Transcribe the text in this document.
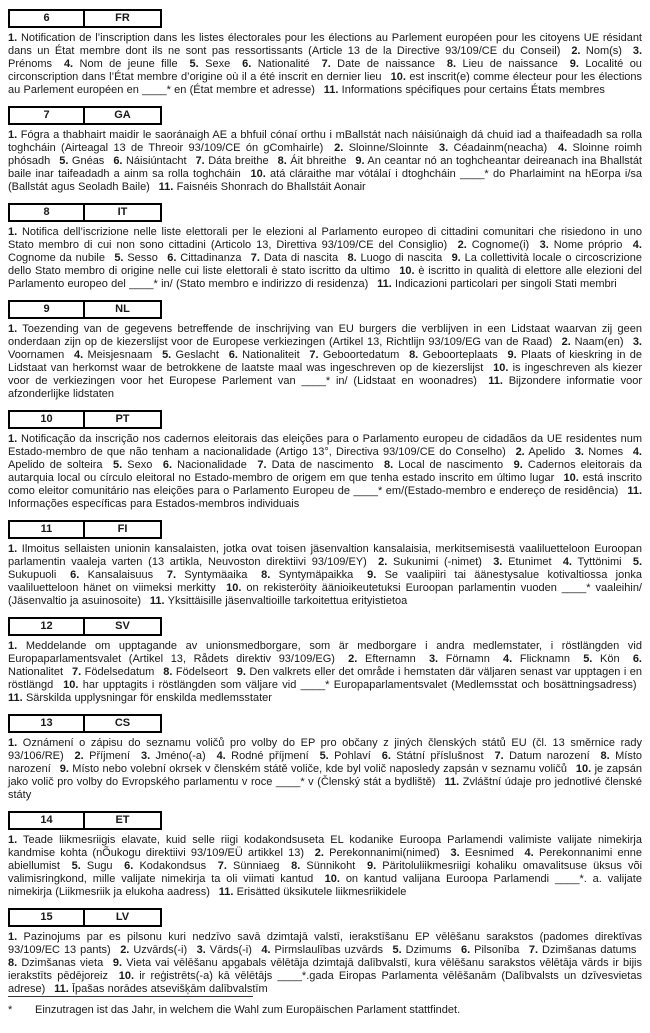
6	FR

1. Notification de l’inscription dans les listes électorales pour les élections au Parlement européen pour les citoyens UE résidant dans un État membre dont ils ne sont pas ressortissants (Article 13 de la Directive 93/109/CE du Conseil)  2. Nom(s)  3. Prénoms  4. Nom de jeune fille  5. Sexe  6. Nationalité  7. Date de naissance  8. Lieu de naissance  9. Localité ou circonscription dans l’État membre d’origine où il a été inscrit en dernier lieu  10. est inscrit(e) comme électeur pour les élections au Parlement européen en ____* en (État membre et adresse)  11. Informations spécifiques pour certains États membres

7	GA

1. Fógra a thabhairt maidir le saoránaigh AE a bhfuil cónaí orthu i mBallstát nach náisiúnaigh dá chuid iad a thaifeadadh sa rolla toghcháin (Airteagal 13 de Threoir 93/109/CE ón gComhairle)  2. Sloinne/Sloinnte  3. Céadainm(neacha)  4. Sloinne roimh phósadh  5. Gnéas  6. Náisiúntacht  7. Dáta breithe  8. Áit bhreithe  9. An ceantar nó an toghcheantar deireanach ina Bhallstát baile inar taifeadadh a ainm sa rolla toghcháin  10. atá cláraithe mar vótálaí i dtoghcháin ____* do Pharlaimint na hEorpa i/sa (Ballstát agus Seoladh Baile)  11. Faisnéis Shonrach do Bhallstáit Aonair

8	IT

1. Notifica dell’iscrizione nelle liste elettorali per le elezioni al Parlamento europeo di cittadini comunitari che risiedono in uno Stato membro di cui non sono cittadini (Articolo 13, Direttiva 93/109/CE del Consiglio)  2. Cognome(i)  3. Nome próprio  4. Cognome da nubile  5. Sesso  6. Cittadinanza  7. Data di nascita  8. Luogo di nascita  9. La collettività locale o circoscrizione dello Stato membro di origine nelle cui liste elettorali è stato iscritto da ultimo  10. è iscritto in qualità di elettore alle elezioni del Parlamento europeo del ____* in/ (Stato membro e indirizzo di residenza)  11. Indicazioni particolari per singoli Stati membri

9	NL

1. Toezending van de gegevens betreffende de inschrijving van EU burgers die verblijven in een Lidstaat waarvan zij geen onderdaan zijn op de kiezerslijst voor de Europese verkiezingen (Artikel 13, Richtlijn 93/109/EG van de Raad)  2. Naam(en)  3. Voornamen  4. Meisjesnaam  5. Geslacht  6. Nationaliteit  7. Geboortedatum  8. Geboorteplaats  9. Plaats of kieskring in de Lidstaat van herkomst waar de betrokkene de laatste maal was ingeschreven op de kiezerslijst  10. is ingeschreven als kiezer voor de verkiezingen voor het Europese Parlement van ____* in/ (Lidstaat en woonadres)  11. Bijzondere informatie voor afzonderlijke lidstaten

10	PT

1. Notificação da inscrição nos cadernos eleitorais das eleições para o Parlamento europeu de cidadãos da UE residentes num Estado-membro de que não tenham a nacionalidade (Artigo 13°, Directiva 93/109/CE do Conselho)  2. Apelido  3. Nomes  4. Apelido de solteira  5. Sexo  6. Nacionalidade  7. Data de nascimento  8. Local de nascimento  9. Cadernos eleitorais da autarquia local ou círculo eleitoral no Estado-membro de origem em que tenha estado inscrito em último lugar  10. está inscrito como eleitor comunitário nas eleições para o Parlamento Europeu de ____* em/(Estado-membro e endereço de residência)  11. Informações específicas para Estados-membros individuais

11	FI

1. Ilmoitus sellaisten unionin kansalaisten, jotka ovat toisen jäsenvaltion kansalaisia, merkitsemisestä vaaliluetteloon Euroopan parlamentin vaaleja varten (13 artikla, Neuvoston direktiivi 93/109/EY)  2. Sukunimi (-nimet)  3. Etunimet  4. Tyttönimi  5. Sukupuoli  6. Kansalaisuus  7. Syntymäaika  8. Syntymäpaikka  9. Se vaalipiiri tai äänestysalue kotivaltiossa jonka vaaliluetteloon hänet on viimeksi merkitty  10. on rekisteröity äänioikeutetuksi Euroopan parlamentin vuoden ____* vaaleihin/ (Jäsenvaltio ja asuinosoite)  11. Yksittäisille jäsenvaltioille tarkoitettua erityistietoa

12	SV

1. Meddelande om upptagande av unionsmedborgare, som är medborgare i andra medlemstater, i röstlängden vid Europaparlamentsvalet (Artikel 13, Rådets direktiv 93/109/EG)  2. Efternamn  3. Förnamn  4. Flicknamn  5. Kön  6. Nationalitet  7. Födelsedatum  8. Födelseort  9. Den valkrets eller det område i hemstaten där väljaren senast var upptagen i en röstlängd  10. har upptagits i röstlängden som väljare vid ____* Europaparlamentsvalet (Medlemsstat och bosättningsadress)  11. Särskilda upplysningar för enskilda medlemsstater

13	CS

1. Oznámení o zápisu do seznamu voličů pro volby do EP pro občany z jiných členských států EU (čl. 13 směrnice rady 93/106/RE)  2. Příjmení  3. Jméno(-a)  4. Rodné příjmení  5. Pohlaví  6. Státní příslušnost  7. Datum narození  8. Místo narození  9. Místo nebo volební okrsek v členském státě voliče, kde byl volič naposledy zapsán v seznamu voličů  10. je zapsán jako volič pro volby do Evropského parlamentu v roce ____* v (Členský stát a bydliště)  11. Zvláštní údaje pro jednotlivé členské státy

14	ET

1. Teade liikmesriigis elavate, kuid selle riigi kodakondsuseta EL kodanike Euroopa Parlamendi valimiste valijate nimekirja kandmise kohta (nÕukogu direktiivi 93/109/EÜ artikkel 13)  2. Perekonnanimi(nimed)  3. Eesnimed  4. Perekonnanimi enne abiellumist  5. Sugu  6. Kodakondsus  7. Sünniaeg  8. Sünnikoht  9. Päritoluliikmesriigi kohaliku omavalitsuse üksus või valimisringkond, mille valijate nimekirja ta oli viimati kantud  10. on kantud valijana Euroopa Parlamendi ____*. a. valijate nimekirja (Liikmesriik ja elukoha aadress)  11. Erisätted üksikutele liikmesriikidele

15	LV

1. Pazinojums par es pilsonu kuri nedzīvo savā dzimtajā valstī, ierakstīšanu EP vēlēšanu sarakstos (padomes direktīvas 93/109/EC 13 pants)  2. Uzvārds(-i)  3. Vārds(-i)  4. Pirmslaulības uzvārds  5. Dzimums  6. Pilsonība  7. Dzimšanas datums  8. Dzimšanas vieta  9. Vieta vai vēlēšanu apgabals vēlētāja dzimtajā dalībvalstī, kura vēlēšanu sarakstos vēlētāja vārds ir bijis ierakstīts pēdējoreiz  10. ir reģistrēts(-a) kā vēlētājs ____*.gada Eiropas Parlamenta vēlēšanām (Dalībvalsts un dzīvesvietas adrese)  11. Īpašas norādes atsevišķām dalībvalstīm

*	Einzutragen ist das Jahr, in welchem die Wahl zum Europäischen Parlament stattfindet.
